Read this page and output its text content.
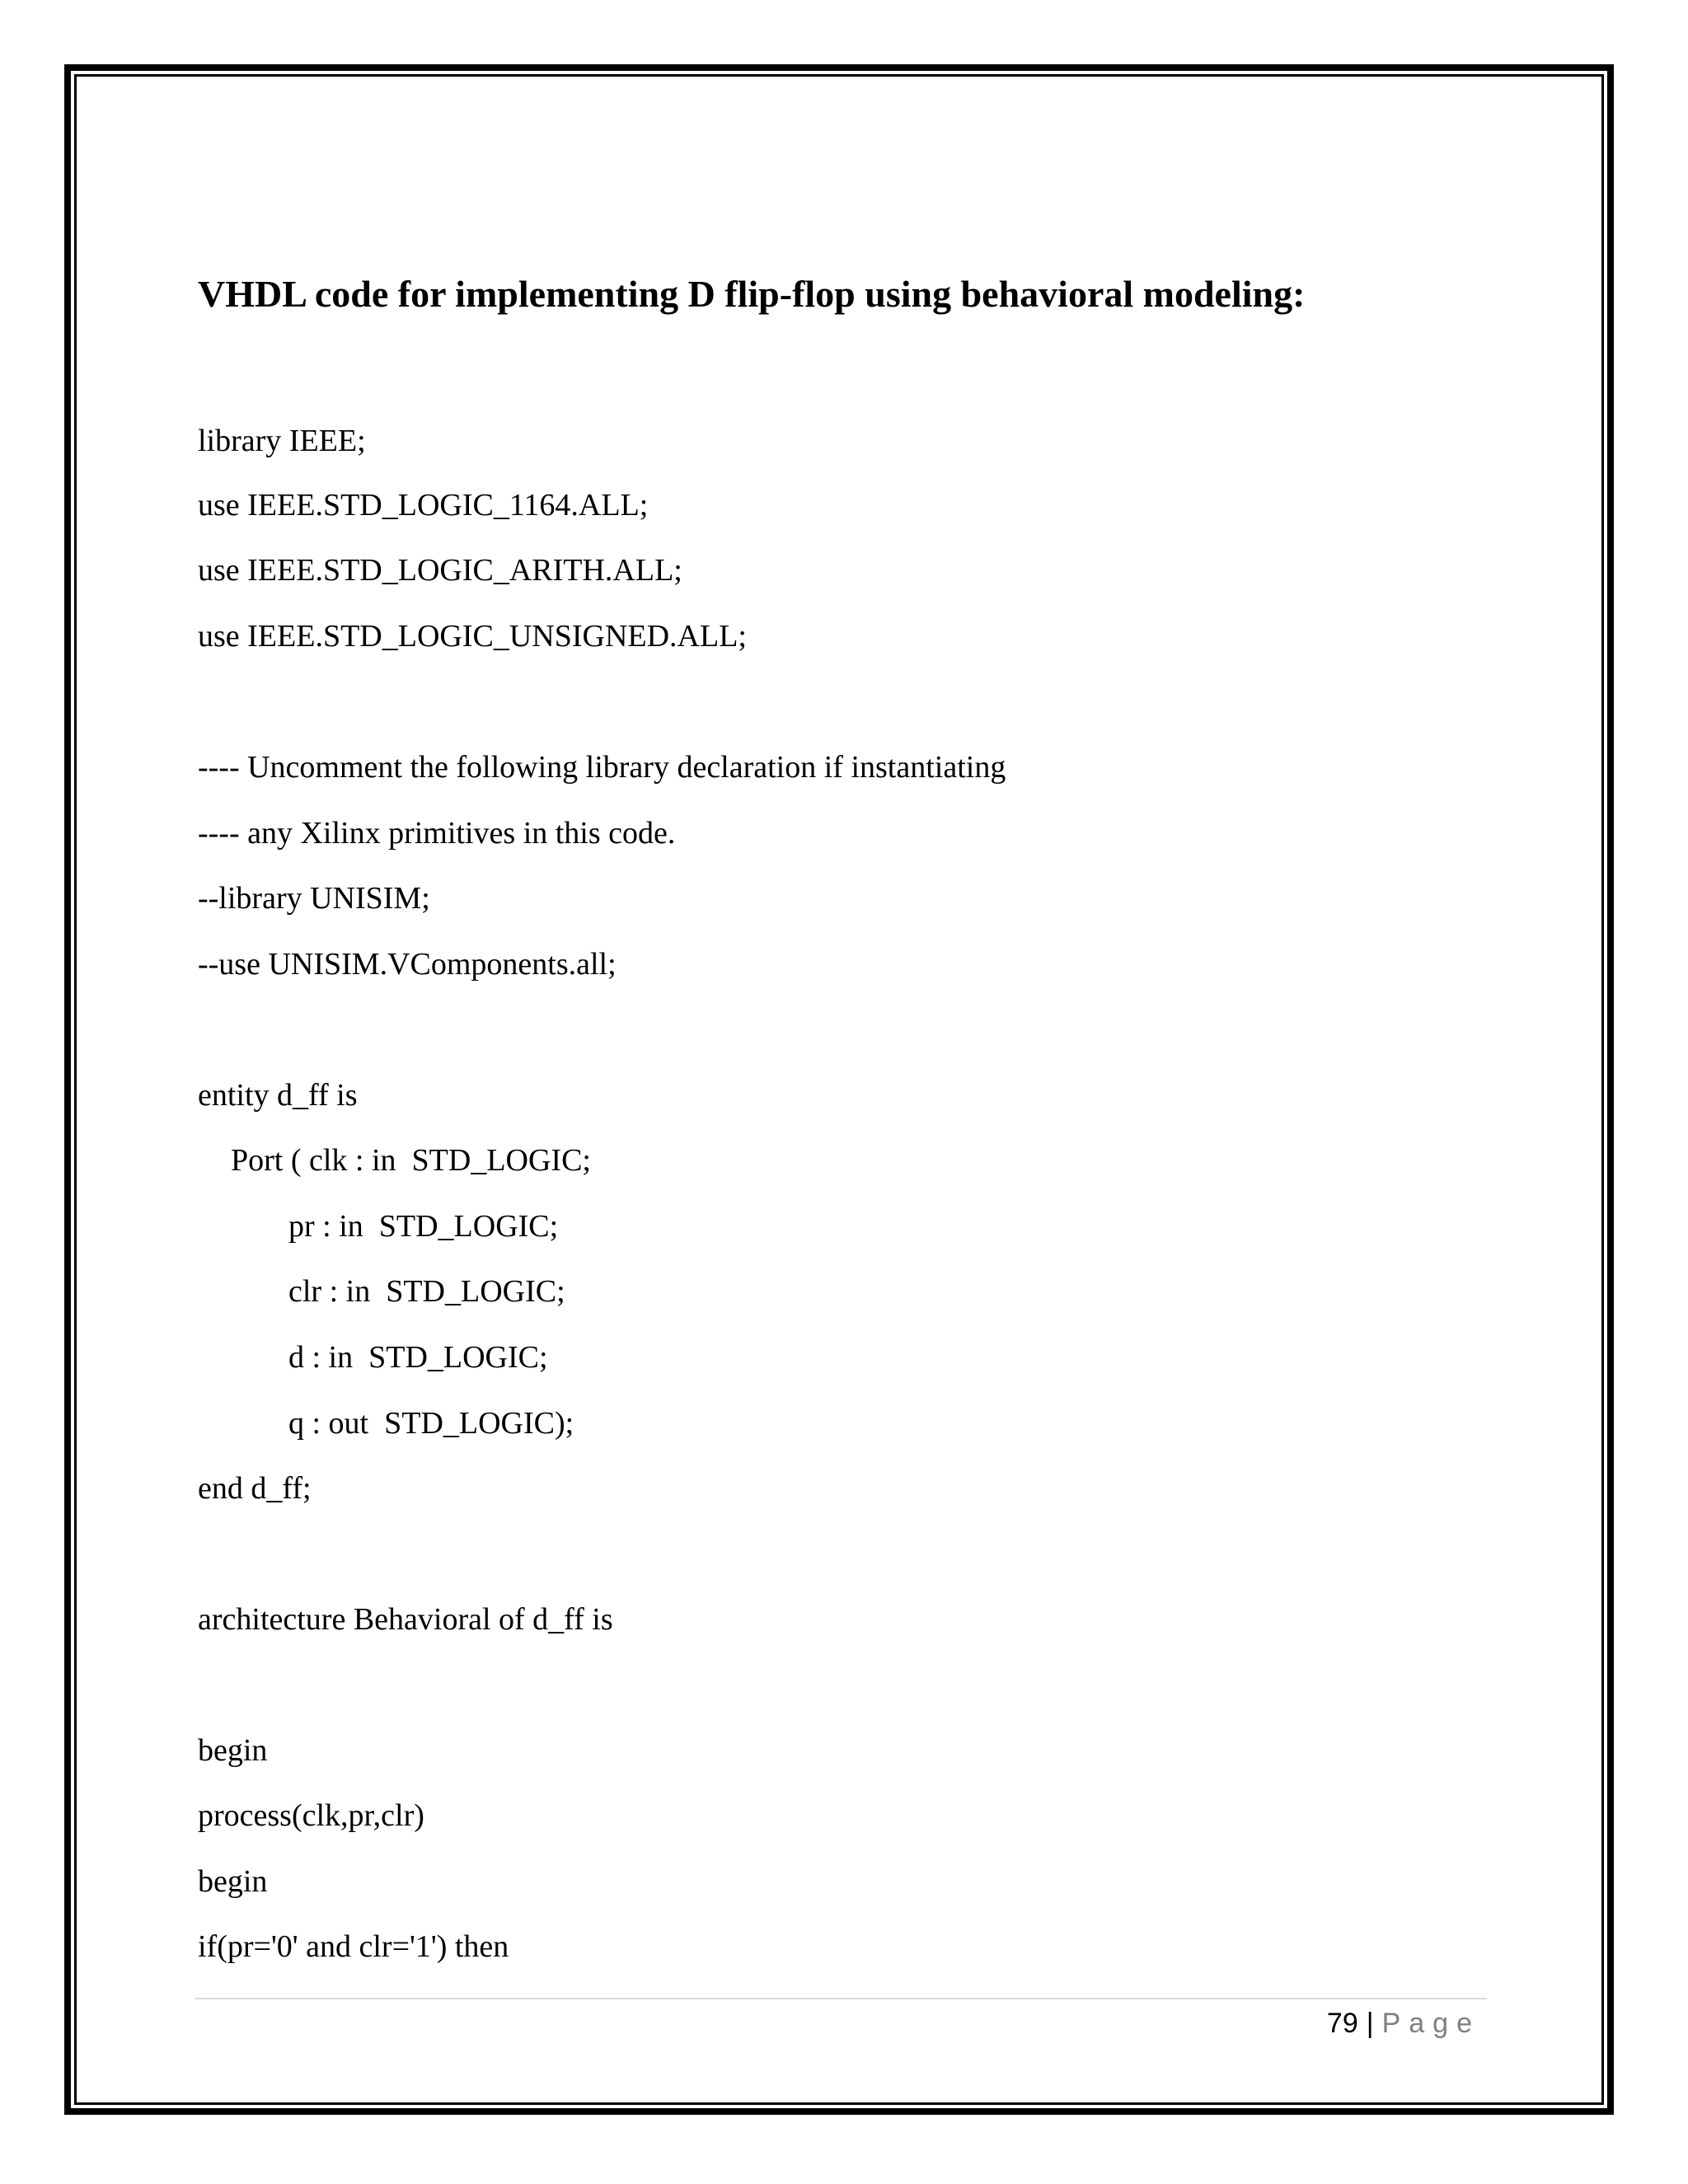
VHDL code for implementing D flip-flop using behavioral modeling:
library IEEE;
use IEEE.STD_LOGIC_1164.ALL;
use IEEE.STD_LOGIC_ARITH.ALL;
use IEEE.STD_LOGIC_UNSIGNED.ALL;
---- Uncomment the following library declaration if instantiating
---- any Xilinx primitives in this code.
--library UNISIM;
--use UNISIM.VComponents.all;
entity d_ff is
Port ( clk : in  STD_LOGIC;
pr : in  STD_LOGIC;
clr : in  STD_LOGIC;
d : in  STD_LOGIC;
q : out  STD_LOGIC);
end d_ff;
architecture Behavioral of d_ff is
begin
process(clk,pr,clr)
begin
if(pr='0' and clr='1') then
79 | Page
